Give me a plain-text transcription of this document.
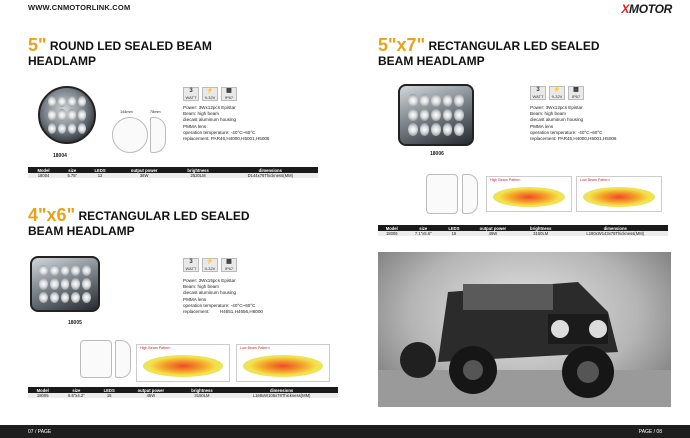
WWW.CNMOTORLINK.COM	XMOTOR
5" ROUND LED SEALED BEAM
HEADLAMP
18004
144mm	78mm
3
WATT
⚡
9-32V
▦
IP67
Power: 3Wx12pcs Epistar
Beam: high beam
diecast aluminum housing
PMMA lens
operation temperature: -40°C~60°C
replacement: PAR46,H4000,H5001,H5006
Model	size	LEDS	output power	brightness	dimensions
18004	5.75"	12	36W	2520LM	D144x78Thickness(MM)
4"x6" RECTANGULAR LED SEALED
BEAM HEADLAMP
18005
3
WATT
⚡
9-32V
▦
IP67
Power: 3Wx15pcs Epistar
Beam: high beam
diecast aluminum housing
PMMA lens
operation temperature: -40°C~60°C
replacement:        H4651,H4656,H6000
High Beam Pattern	Low Beam Pattern
Model	size	LEDS	output power	brightness	dimensions
18005	6.6"x4.2"	15	45W	3150LM	L168xW106x78Thickness(MM)
5"x7" RECTANGULAR LED SEALED
BEAM HEADLAMP
18006
3
WATT
⚡
9-32V
▦
IP67
Power: 3Wx12pcs Epistar
Beam: high beam
diecast aluminum housing
PMMA lens
operation temperature: -40°C~60°C
replacement: PAR46,H4000,H5001,H5006
High Beam Pattern	Low Beam Pattern
Model	size	LEDS	output power	brightness	dimensions
18006	7.1"x5.6"	15	45W	3150LM	L180xW143x78Thickness(MM)
07 / PAGE	PAGE / 08
